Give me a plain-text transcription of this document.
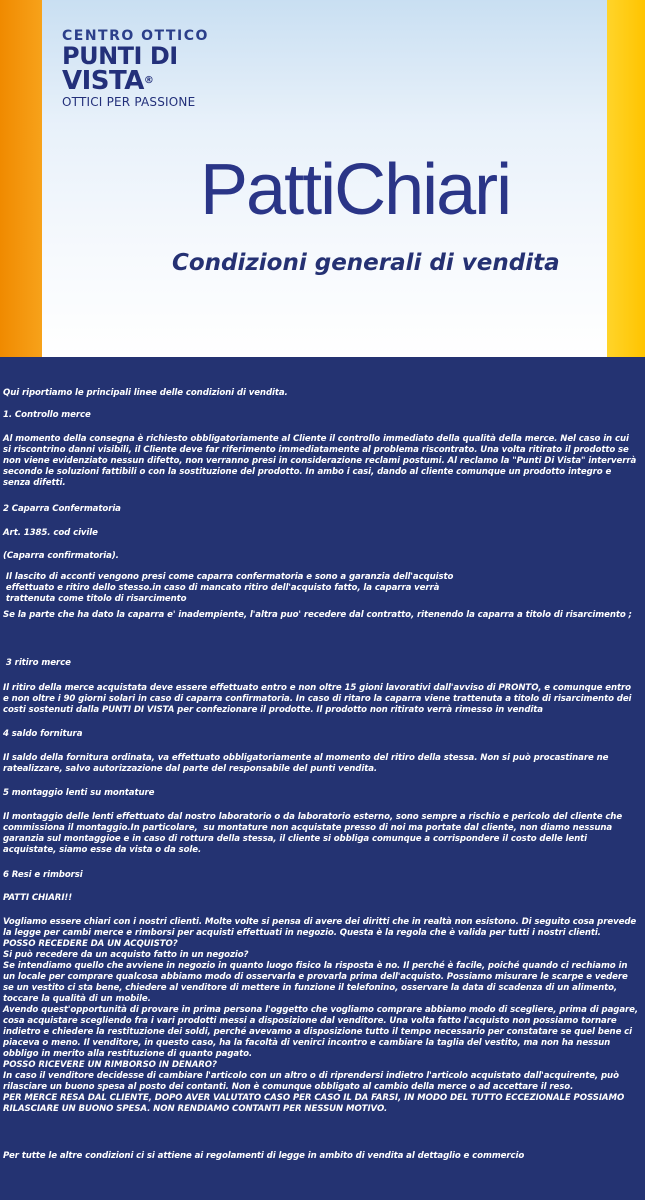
CENTRO OTTICO
PUNTI DI
VISTA®
OTTICI PER PASSIONE
PattiChiari
Condizioni generali di vendita
Qui riportiamo le principali linee delle condizioni di vendita.
1. Controllo merce
Al momento della consegna è richiesto obbligatoriamente al Cliente il controllo immediato della qualità della merce. Nel caso in cui si riscontrino danni visibili, il Cliente deve far riferimento immediatamente al problema riscontrato. Una volta ritirato il prodotto se non viene evidenziato nessun difetto, non verranno presi in considerazione reclami postumi. Al reclamo la "Punti Di Vista" interverrà secondo le soluzioni fattibili o con la sostituzione del prodotto. In ambo i casi, dando al cliente comunque un prodotto integro e senza difetti.
2 Caparra Confermatoria
Art. 1385. cod civile
(Caparra confirmatoria).
Il lascito di acconti vengono presi come caparra confermatoria e sono a garanzia dell'acquisto
effettuato e ritiro dello stesso.in caso di mancato ritiro dell'acquisto fatto, la caparra verrà
trattenuta come titolo di risarcimento
Se la parte che ha dato la caparra e' inadempiente, l'altra puo' recedere dal contratto, ritenendo la caparra a titolo di risarcimento ;
3 ritiro merce
Il ritiro della merce acquistata deve essere effettuato entro e non oltre 15 gioni lavorativi dall'avviso di PRONTO, e comunque entro e non oltre i 90 giorni solari in caso di caparra confirmatoria. In caso di ritaro la caparra viene trattenuta a titolo di risarcimento dei costi sostenuti dalla PUNTI DI VISTA per confezionare il prodotte. Il prodotto non ritirato verrà rimesso in vendita
4 saldo fornitura
Il saldo della fornitura ordinata, va effettuato obbligatoriamente al momento del ritiro della stessa. Non si può procastinare ne ratealizzare, salvo autorizzazione dal parte del responsabile del punti vendita.
5 montaggio lenti su montature
Il montaggio delle lenti effettuato dal nostro laboratorio o da laboratorio esterno, sono sempre a rischio e pericolo del cliente che commissiona il montaggio.In particolare,  su montature non acquistate presso di noi ma portate dal cliente, non diamo nessuna         garanzia sul montaggioe e in caso di rottura della stessa, il cliente si obbliga comunque a corrispondere il costo delle lenti acquistate, siamo esse da vista o da sole.
6 Resi e rimborsi
PATTI CHIARI!!
Vogliamo essere chiari con i nostri clienti. Molte volte si pensa di avere dei diritti che in realtà non esistono. Di seguito cosa prevede la legge per cambi merce e rimborsi per acquisti effettuati in negozio. Questa è la regola che è valida per tutti i nostri clienti.
POSSO RECEDERE DA UN ACQUISTO?
Si può recedere da un acquisto fatto in un negozio?
Se intendiamo quello che avviene in negozio in quanto luogo fisico la risposta è no. Il perché è facile, poiché quando ci rechiamo in un locale per comprare qualcosa abbiamo modo di osservarla e provarla prima dell'acquisto. Possiamo misurare le scarpe e vedere se un vestito ci sta bene, chiedere al venditore di mettere in funzione il telefonino, osservare la data di scadenza di un alimento, toccare la qualità di un mobile.
Avendo quest'opportunità di provare in prima persona l'oggetto che vogliamo comprare abbiamo modo di scegliere, prima di pagare, cosa acquistare scegliendo fra i vari prodotti messi a disposizione dal venditore. Una volta fatto l'acquisto non possiamo tornare indietro e chiedere la restituzione dei soldi, perché avevamo a disposizione tutto il tempo necessario per constatare se quel bene ci piaceva o meno. Il venditore, in questo caso, ha la facoltà di venirci incontro e cambiare la taglia del vestito, ma non ha nessun obbligo in merito alla restituzione di quanto pagato.
POSSO RICEVERE UN RIMBORSO IN DENARO?
In caso il venditore decidesse di cambiare l'articolo con un altro o di riprendersi indietro l'articolo acquistato dall'acquirente, può rilasciare un buono spesa al posto dei contanti. Non è comunque obbligato al cambio della merce o ad accettare il reso.
PER MERCE RESA DAL CLIENTE, DOPO AVER VALUTATO CASO PER CASO IL DA FARSI, IN MODO DEL TUTTO ECCEZIONALE POSSIAMO RILASCIARE UN BUONO SPESA. NON RENDIAMO CONTANTI PER NESSUN MOTIVO.
Per tutte le altre condizioni ci si attiene ai regolamenti di legge in ambito di vendita al dettaglio e commercio
